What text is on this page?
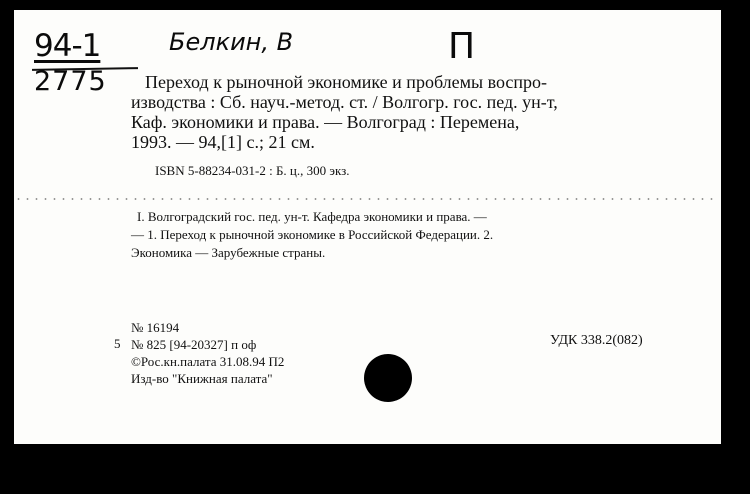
94-1
2775
Белкин, В	П

Переход к рыночной экономике и проблемы воспро-

изводства : Сб. науч.-метод. ст. / Волгогр. гос. пед. ун-т,

Каф. экономики и права. — Волгоград : Перемена,

1993. — 94,[1] с.; 21 см.

ISBN 5-88234-031-2 : Б. ц., 300 экз.

I. Волгоградский гос. пед. ун-т. Кафедра экономики и права. —

— 1. Переход к рыночной экономике в Российской Федерации. 2.

Экономика — Зарубежные страны.

5
№ 16194
№ 825 [94-20327] п оф
©Рос.кн.палата 31.08.94 П2
Изд-во "Книжная палата"
УДК 338.2(082)
